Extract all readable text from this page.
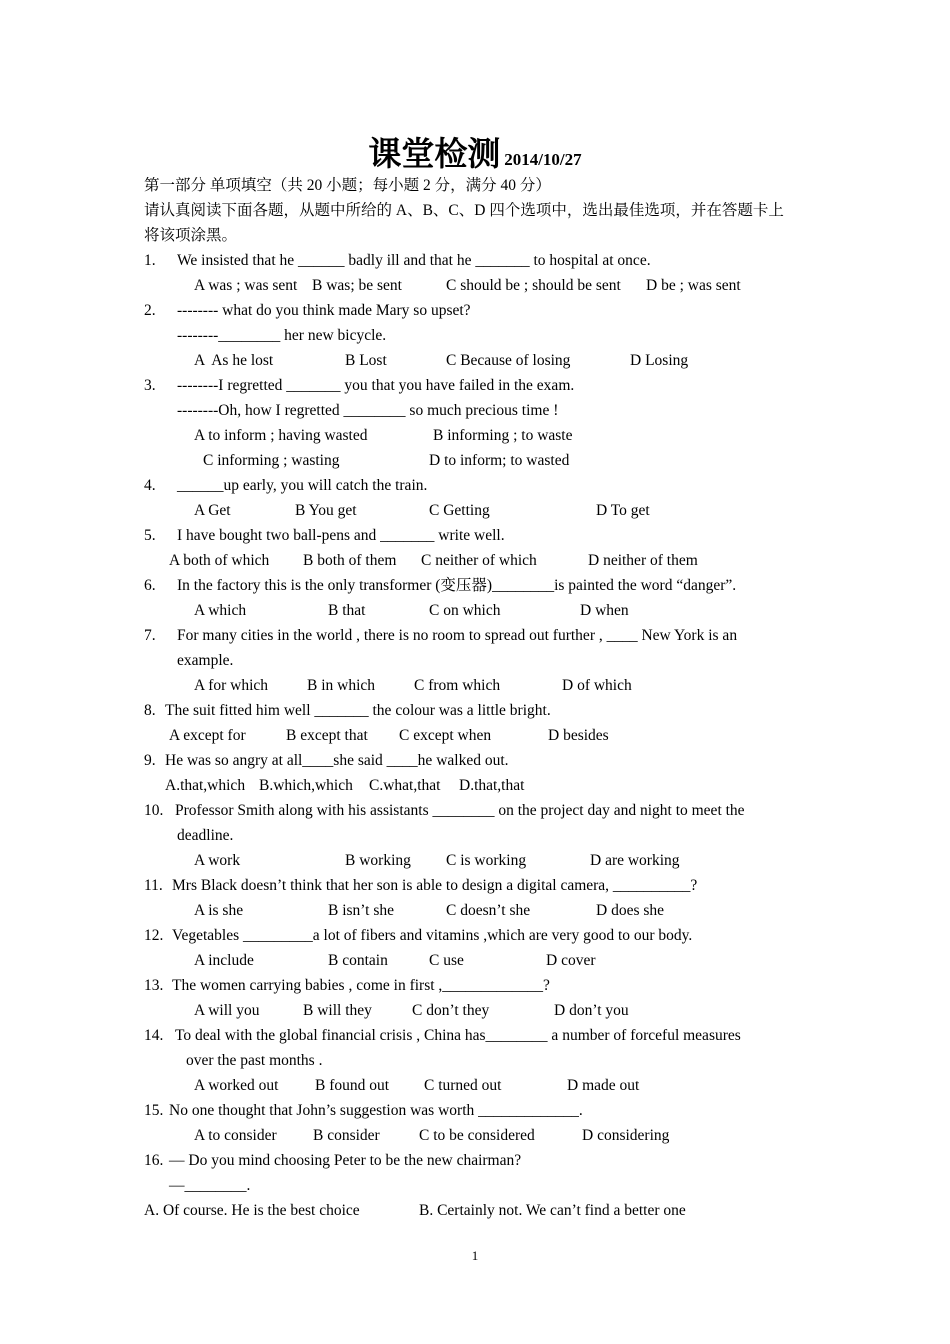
课堂检测 2014/10/27
第一部分 单项填空（共 20 小题；每小题 2 分，满分 40 分）
请认真阅读下面各题，从题中所给的 A、B、C、D 四个选项中，选出最佳选项，并在答题卡上
将该项涂黑。
1. We insisted that he ______ badly ill and that he _______ to hospital at once.
A was ; was sent B was; be sent	C should be ; should be sent D be ; was sent
2. -------- what do you think made Mary so upset?
--------________ her new bicycle.
A  As he lost	B Lost	C Because of losing	D Losing
3. --------I regretted _______ you that you have failed in the exam.
--------Oh, how I regretted ________ so much precious time !
A to inform ; having wasted	B informing ; to waste
C informing ; wasting	D to inform; to wasted
4. ______up early, you will catch the train.
A Get	B You get	C Getting	D To get
5. I have bought two ball-pens and _______ write well.
A both of which B both of them C neither of which	D neither of them
6. In the factory this is the only transformer (变压器)________is painted the word “danger”.
A which	B that	C on which	D when
7. For many cities in the world , there is no room to spread out further , ____ New York is an
example.
A for which	B in which	C from which	D of which
8. The suit fitted him well _______ the colour was a little bright.
A except for	B except that C except when	D besides
9. He was so angry at all____she said ____he walked out.
A.that,which B.which,which C.what,that D.that,that
10. Professor Smith along with his assistants ________ on the project day and night to meet the
deadline.
A work	B working C is working	D are working
11. Mrs Black doesn’t think that her son is able to design a digital camera, __________?
A is she	B isn’t she	C doesn’t she	D does she
12. Vegetables _________a lot of fibers and vitamins ,which are very good to our body.
A include	B contain	C use	D cover
13. The women carrying babies , come in first ,_____________?
A will you	B will they	C don’t they	D don’t you
14. To deal with the global financial crisis , China has________ a number of forceful measures
over the past months .
A worked out B found out C turned out	D made out
15. No one thought that John’s suggestion was worth _____________.
A to consider B consider	C to be considered	D considering
16. — Do you mind choosing Peter to be the new chairman?
—________.
A. Of course. He is the best choice	B. Certainly not. We can’t find a better one
1
